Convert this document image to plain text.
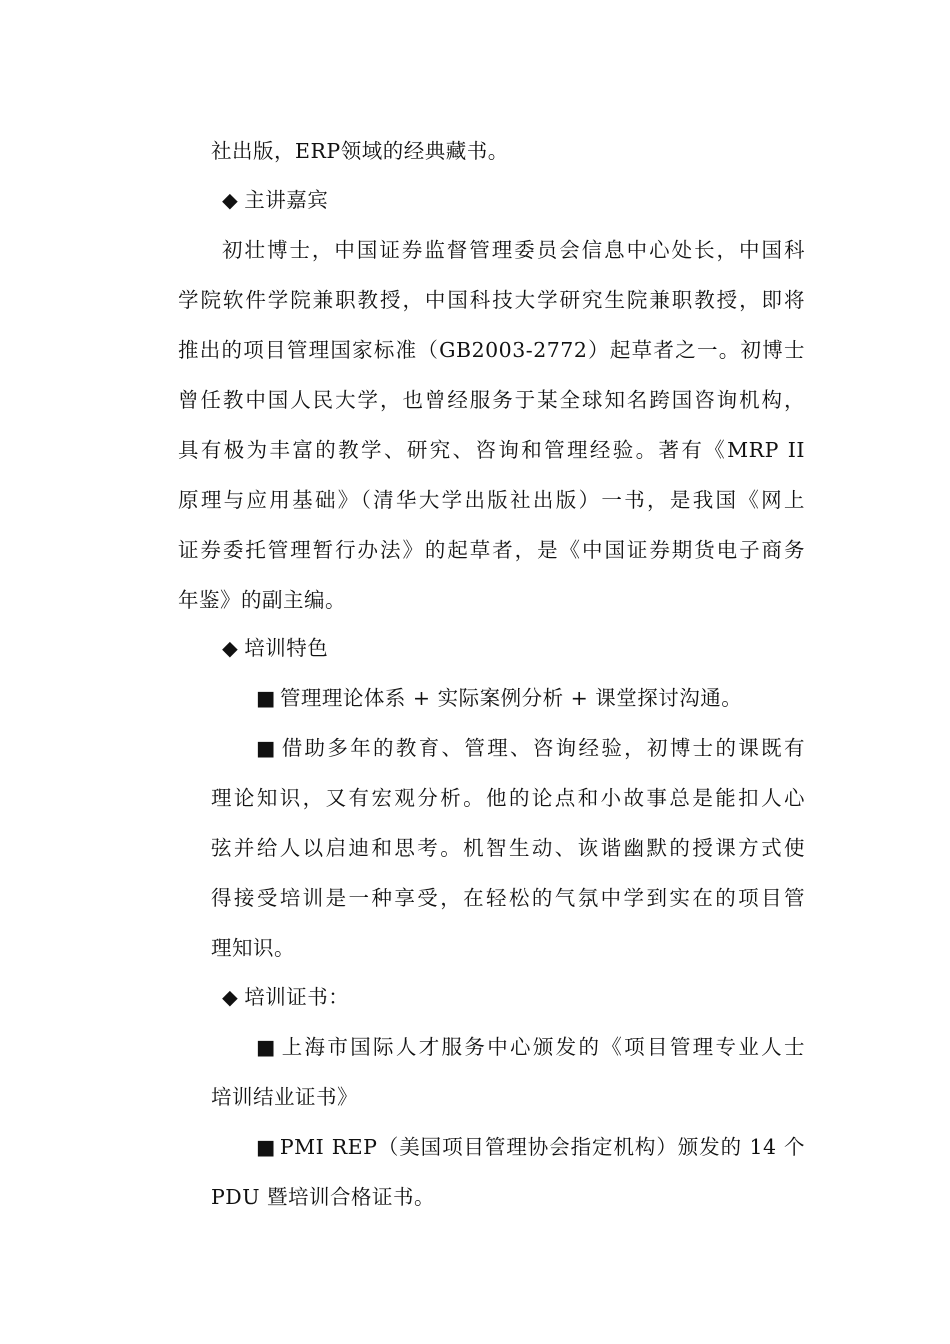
社出版，ERP领域的经典藏书。
◆ 主讲嘉宾
初壮博士，中国证券监督管理委员会信息中心处长，中国科
学院软件学院兼职教授，中国科技大学研究生院兼职教授，即将
推出的项目管理国家标准（GB2003-2772）起草者之一。初博士
曾任教中国人民大学，也曾经服务于某全球知名跨国咨询机构，
具有极为丰富的教学、研究、咨询和管理经验。著有《MRP II
原理与应用基础》（清华大学出版社出版）一书，是我国《网上
证券委托管理暂行办法》的起草者，是《中国证券期货电子商务
年鉴》的副主编。
◆ 培训特色
■ 管理理论体系 + 实际案例分析 + 课堂探讨沟通。
■ 借助多年的教育、管理、咨询经验，初博士的课既有
理论知识，又有宏观分析。他的论点和小故事总是能扣人心
弦并给人以启迪和思考。机智生动、诙谐幽默的授课方式使
得接受培训是一种享受，在轻松的气氛中学到实在的项目管
理知识。
◆ 培训证书：
■ 上海市国际人才服务中心颁发的《项目管理专业人士
培训结业证书》
■ PMI REP（美国项目管理协会指定机构）颁发的 14 个
PDU 暨培训合格证书。
